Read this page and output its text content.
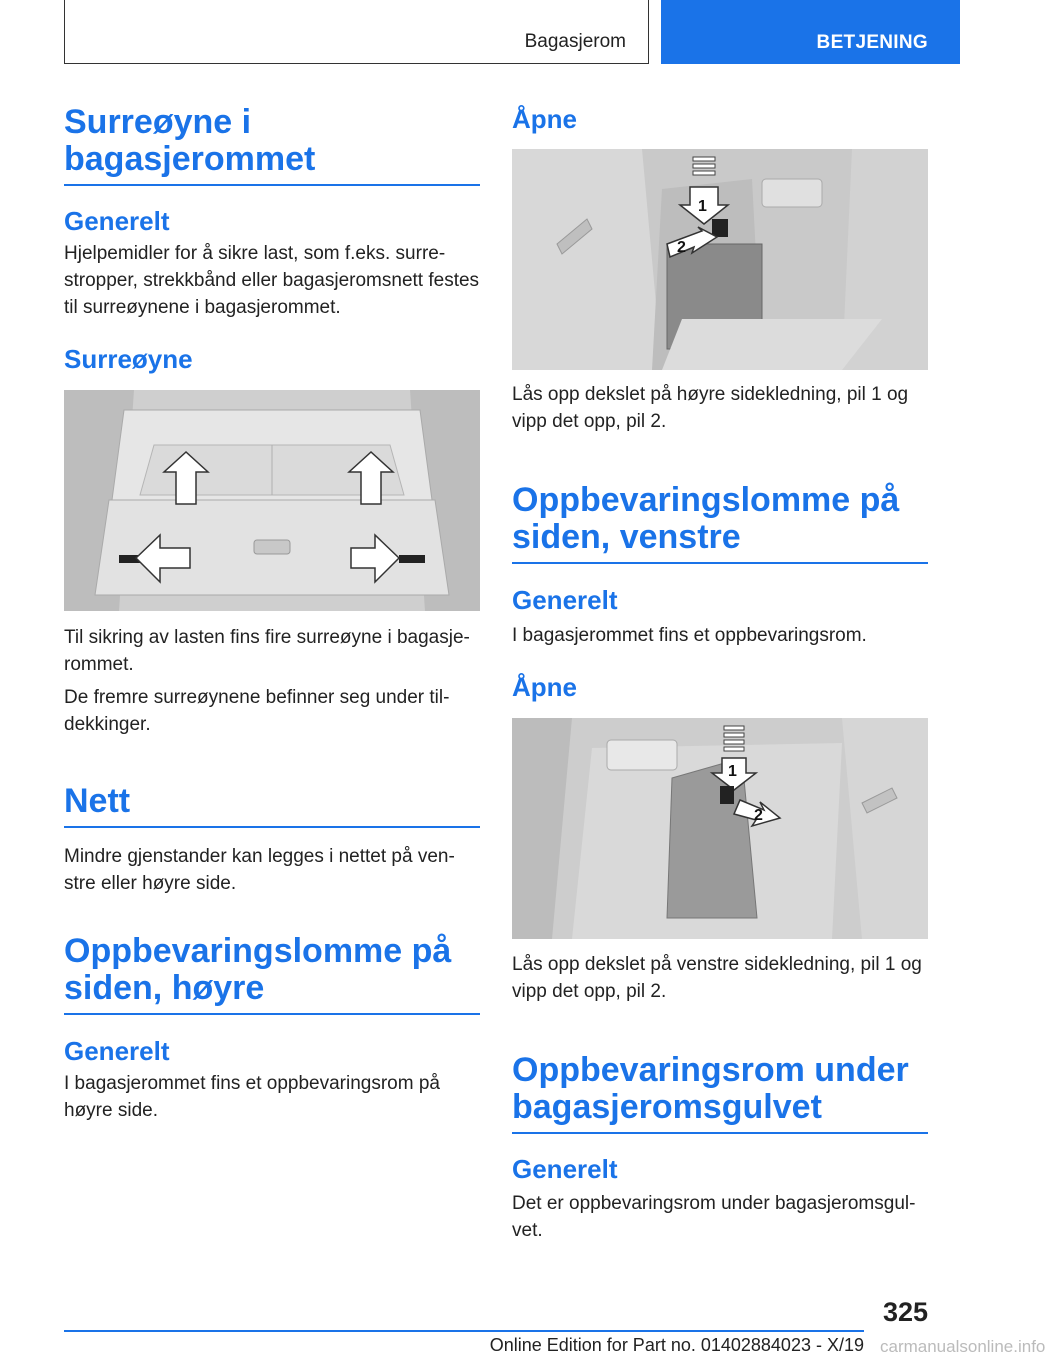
Bagasjerom	BETJENING
Surreøyne i
bagasjerommet
Generelt

Hjelpemidler for å sikre last, som f.eks. surrestropper, strekkbånd eller bagasjeromsnett festes til surreøynene i bagasjerommet.

Surreøyne

Til sikring av lasten fins fire surreøyne i bagasjerommet.

De fremre surreøynene befinner seg under tildekkinger.

Nett

Mindre gjenstander kan legges i nettet på venstre eller høyre side.

Oppbevaringslomme på
siden, høyre
Generelt

I bagasjerommet fins et oppbevaringsrom på høyre side.

Åpne
1
2

Lås opp dekslet på høyre sidekledning, pil 1 og vipp det opp, pil 2.

Oppbevaringslomme på
siden, venstre
Generelt

I bagasjerommet fins et oppbevaringsrom.

Åpne
1
2

Lås opp dekslet på venstre sidekledning, pil 1 og vipp det opp, pil 2.

Oppbevaringsrom under
bagasjeromsgulvet
Generelt

Det er oppbevaringsrom under bagasjeromsgulvet.

325
Online Edition for Part no. 01402884023 - X/19 carmanualsonline.info
